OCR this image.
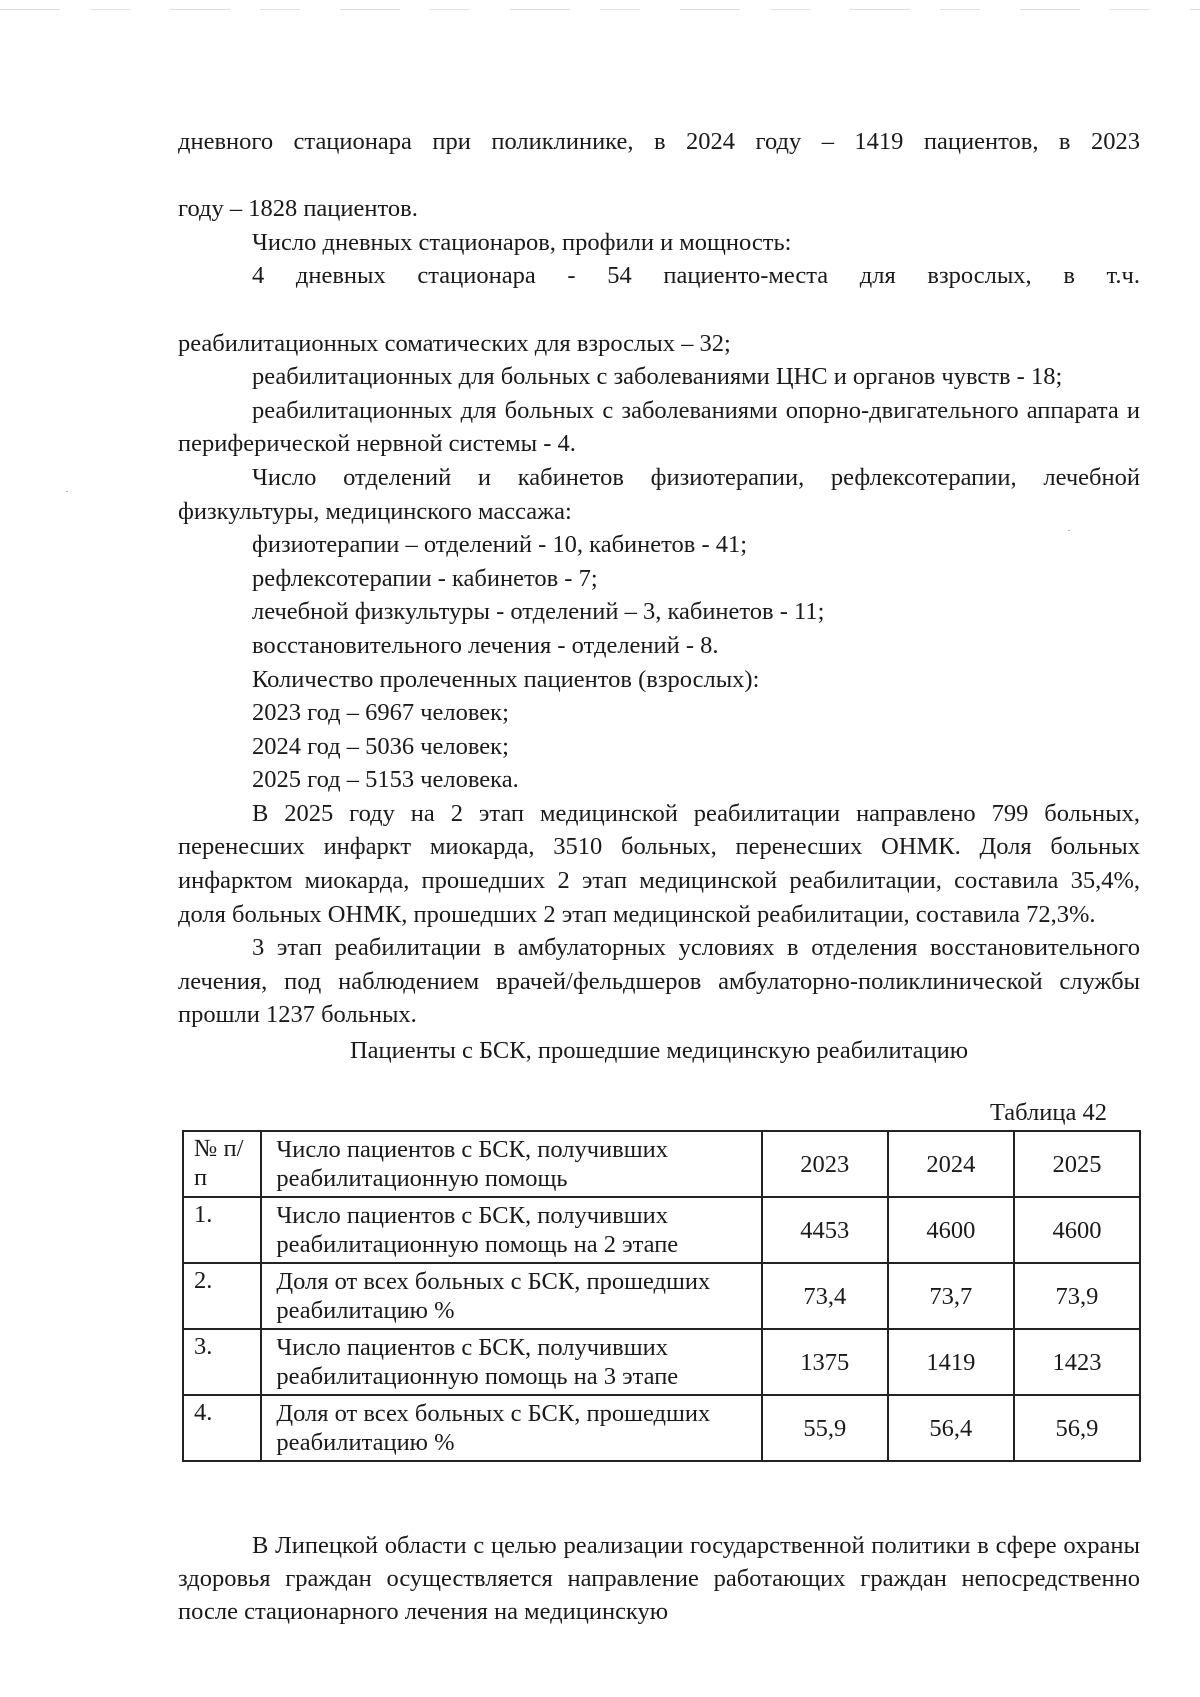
дневного стационара при поликлинике, в 2024 году – 1419 пациентов, в 2023

году – 1828 пациентов.

Число дневных стационаров, профили и мощность:

4 дневных стационара - 54 пациенто-места для взрослых, в т.ч.

реабилитационных соматических для взрослых – 32;

реабилитационных для больных с заболеваниями ЦНС и органов чувств - 18;

реабилитационных для больных с заболеваниями опорно-двигательного аппарата и периферической нервной системы - 4.

Число отделений и кабинетов физиотерапии, рефлексотерапии, лечебной физкультуры, медицинского массажа:

физиотерапии – отделений - 10, кабинетов - 41;

рефлексотерапии - кабинетов - 7;

лечебной физкультуры - отделений – 3, кабинетов - 11;

восстановительного лечения - отделений - 8.

Количество пролеченных пациентов (взрослых):

2023 год – 6967 человек;

2024 год – 5036 человек;

2025 год – 5153 человека.

В 2025 году на 2 этап медицинской реабилитации направлено 799 больных, перенесших инфаркт миокарда, 3510 больных, перенесших ОНМК. Доля больных инфарктом миокарда, прошедших 2 этап медицинской реабилитации, составила 35,4%, доля больных ОНМК, прошедших 2 этап медицинской реабилитации, составила 72,3%.

3 этап реабилитации в амбулаторных условиях в отделения восстановительного лечения, под наблюдением врачей/фельдшеров амбулаторно-поликлинической службы прошли 1237 больных.

Пациенты с БСК, прошедшие медицинскую реабилитацию
Таблица 42
№ п/п	Число пациентов с БСК, получивших реабилитационную помощь	2023	2024	2025
1.	Число пациентов с БСК, получивших реабилитационную помощь на 2 этапе	4453	4600	4600
2.	Доля от всех больных с БСК, прошедших реабилитацию %	73,4	73,7	73,9
3.	Число пациентов с БСК, получивших реабилитационную помощь на 3 этапе	1375	1419	1423
4.	Доля от всех больных с БСК, прошедших реабилитацию %	55,9	56,4	56,9

В Липецкой области с целью реализации государственной политики в сфере охраны здоровья граждан осуществляется направление работающих граждан непосредственно после стационарного лечения на медицинскую
